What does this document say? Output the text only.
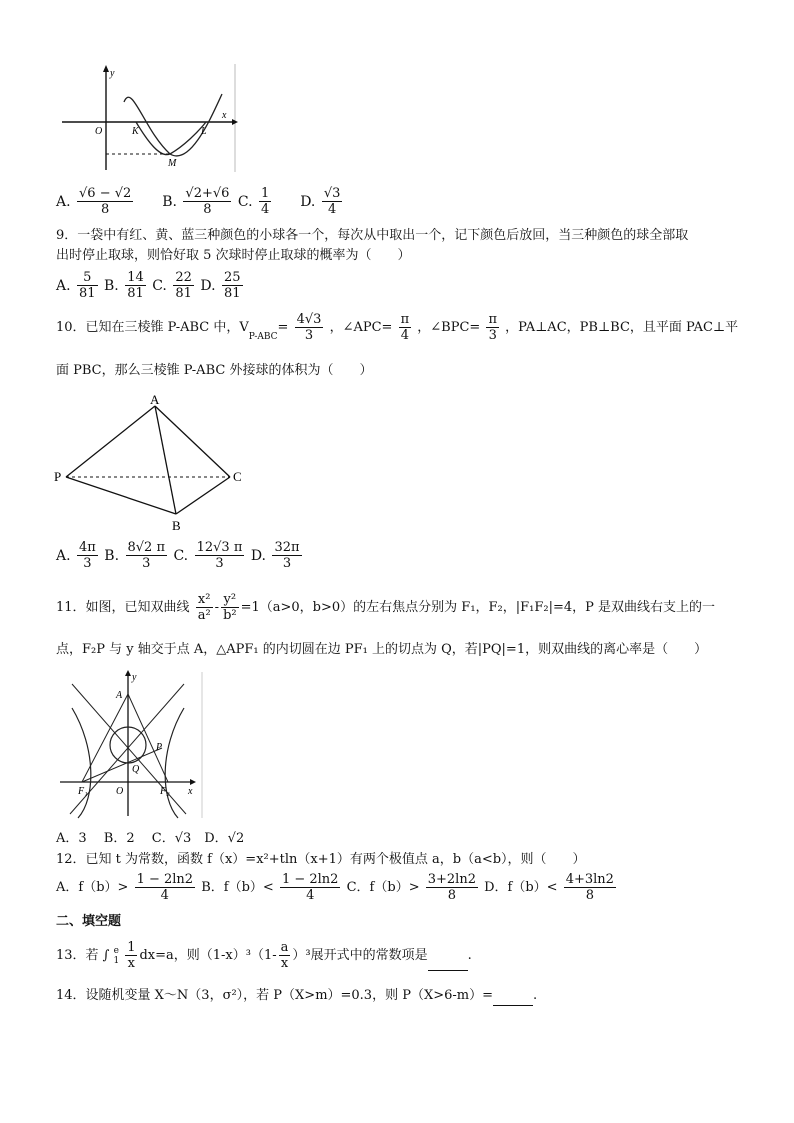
y
x
O	K	L
M
A. $\frac{√6 - √2}{8} B$. $\frac{√2+√6}{8} C$. $\frac{1}{4} D$. $\frac{√3}{4}$
9．一袋中有红、黄、蓝三种颜色的小球各一个，每次从中取出一个，记下颜色后放回，当三种颜色的球全部取
出时停止取球，则恰好取 5 次球时停止取球的概率为（　　）
A. $\frac{5}{81} B$. $\frac{14}{81} C$. $\frac{22}{81} D$. $\frac{25}{81}$
10．已知在三棱锥 P-ABC 中，$VP-ABC= \frac{4√3}{3}$ ，∠APC= $\frac{\pi}{4}$ ，∠BPC= $\frac{\pi}{3}$ ，PA⊥AC，PB⊥BC，且平面 PAC⊥平
面 PBC，那么三棱锥 P-ABC 外接球的体积为（　　）
A
P	C
B
A. $\frac{4\pi}{3} B$. $\frac{8√2 \pi}{3} C$. $\frac{12√3 \pi}{3} D$. $\frac{32\pi}{3}$
11．如图，已知双曲线 $\frac{\text{x²}}{\text{a²}} - \frac{\text{y²}}{\text{b²}} =1(a>0$，b>0）的左右焦点分别为 F₁，F₂，|F₁F₂|=4，P 是双曲线右支上的一
点，F₂P 与 y 轴交于点 A，△APF₁ 的内切圆在边 PF₁ 上的切点为 Q，若|PQ|=1，则双曲线的离心率是（　　）
y
A
P
Q
F₁	O	F₂ x
A．3　 B．2　 C．√3　D．√2
12．已知 t 为常数，函数 f（x）=x²+tln（x+1）有两个极值点 a，b（a<b），则（　　）
A．$f(b)> \frac{1 - 2\ln 2}{4}$ B．$f(b)< \frac{1 - 2\ln 2}{4}$ C．$f(b)> \frac{3+2\ln 2}{8}$ D．$f(b)< \frac{4+3\ln 2}{8}$
二、填空题
13．若 ∫ e
$1 \frac{1}{x} dx=a$，则$(1-x)^3(1- \frac{a}{x} )^3$展开式中的常数项是	.
14．设随机变量 X～N（3，σ²），若 P（X>m）=0.3，则 P（X>6-m）=	.
